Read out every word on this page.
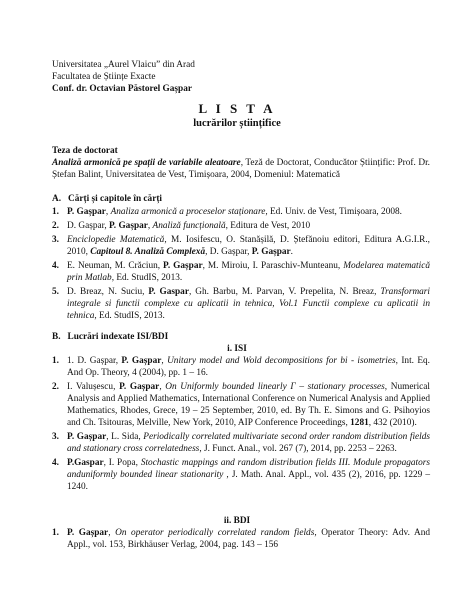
Universitatea „Aurel Vlaicu” din Arad
Facultatea de Științe Exacte
Conf. dr. Octavian Păstorel Gașpar
L I S T A
lucrărilor științifice
Teza de doctorat
Analiză armonică pe spații de variabile aleatoare, Teză de Doctorat, Conducător Științific: Prof. Dr. Ștefan Balint, Universitatea de Vest, Timișoara, 2004, Domeniul: Matematică
A. Cărți și capitole în cărți
1. P. Gașpar, Analiza armonică a proceselor staționare, Ed. Univ. de Vest, Timișoara, 2008.
2. D. Gașpar, P. Gașpar, Analiză funcțională, Editura de Vest, 2010
3. Enciclopedie Matematică, M. Iosifescu, O. Stanășilă, D. Ștefănoiu editori, Editura A.G.I.R., 2010, Capitoul 8. Analiză Complexă, D. Gașpar, P. Gașpar.
4. E. Neuman, M. Crăciun, P. Gașpar, M. Miroiu, I. Paraschiv-Munteanu, Modelarea matematică prin Matlab, Ed. StudIS, 2013.
5. D. Breaz, N. Suciu, P. Gaspar, Gh. Barbu, M. Parvan, V. Prepelita, N. Breaz, Transformari integrale si functii complexe cu aplicatii in tehnica, Vol.1 Functii complexe cu aplicatii in tehnica, Ed. StudIS, 2013.
B. Lucrări indexate ISI/BDI
i. ISI
1. 1. D. Gașpar, P. Gașpar, Unitary model and Wold decompositions for bi - isometries, Int. Eq. And Op. Theory, 4 (2004), pp. 1 – 16.
2. I. Valușescu, P. Gașpar, On Uniformly bounded linearly Γ – stationary processes, Numerical Analysis and Applied Mathematics, International Conference on Numerical Analysis and Applied Mathematics, Rhodes, Grece, 19 – 25 September, 2010, ed. By Th. E. Simons and G. Psihoyios and Ch. Tsitouras, Melville, New York, 2010, AIP Conference Proceedings, 1281, 432 (2010).
3. P. Gașpar, L. Sida, Periodically correlated multivariate second order random distribution fields and stationary cross correlatedness, J. Funct. Anal., vol. 267 (7), 2014, pp. 2253 – 2263.
4. P.Gaspar, I. Popa, Stochastic mappings and random distribution fields III. Module propagators anduniformly bounded linear stationarity , J. Math. Anal. Appl., vol. 435 (2), 2016, pp. 1229 – 1240.
ii. BDI
1. P. Gașpar, On operator periodically correlated random fields, Operator Theory: Adv. And Appl., vol. 153, Birkhäuser Verlag, 2004, pag. 143 – 156
